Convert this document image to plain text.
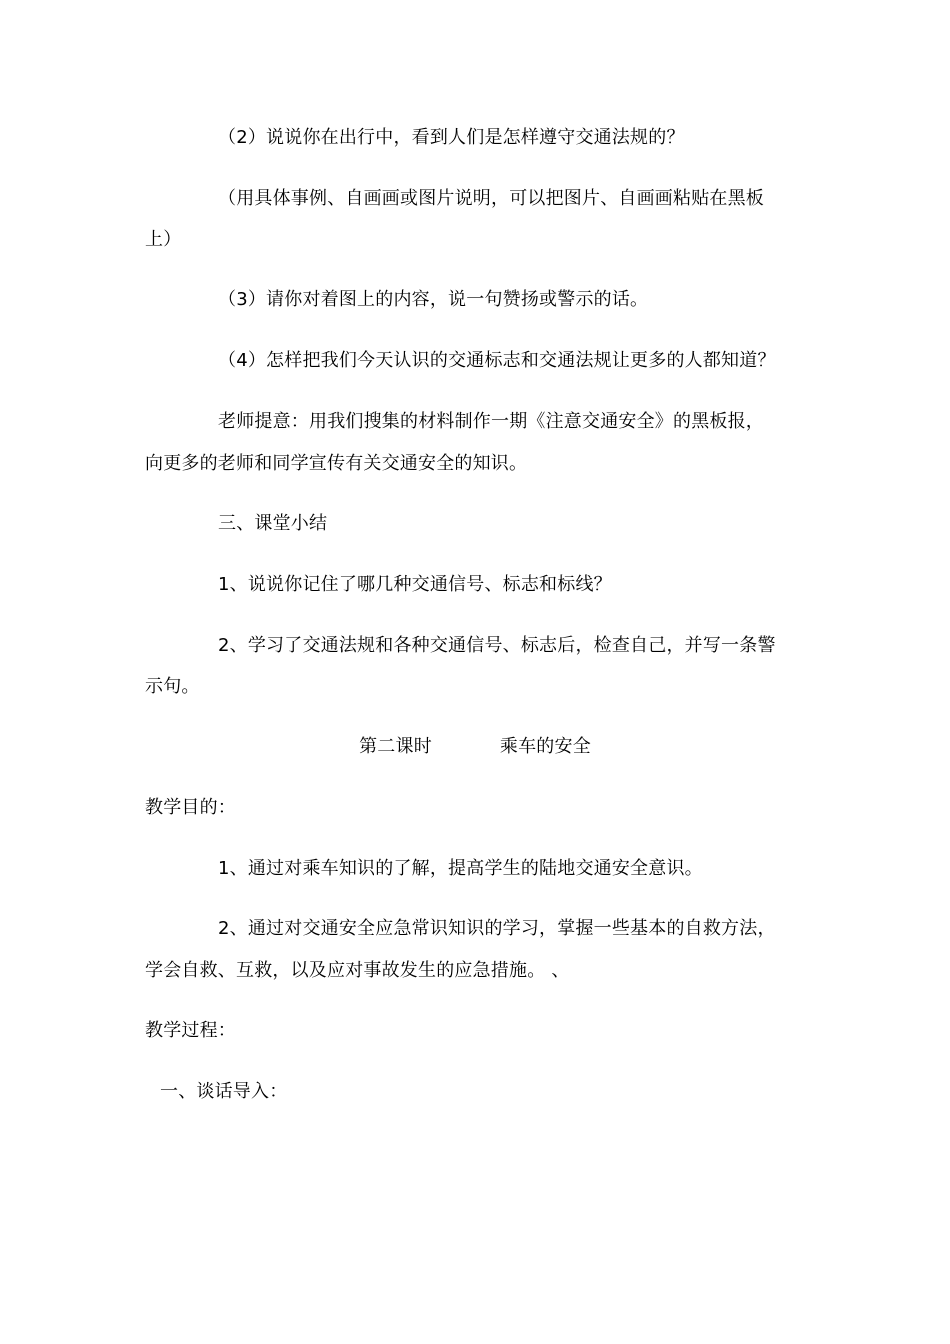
（2）说说你在出行中，看到人们是怎样遵守交通法规的？
（用具体事例、自画画或图片说明，可以把图片、自画画粘贴在黑板
上）
（3）请你对着图上的内容，说一句赞扬或警示的话。
（4）怎样把我们今天认识的交通标志和交通法规让更多的人都知道？
老师提意：用我们搜集的材料制作一期《注意交通安全》的黑板报，
向更多的老师和同学宣传有关交通安全的知识。
三、课堂小结
1、说说你记住了哪几种交通信号、标志和标线？
2、学习了交通法规和各种交通信号、标志后，检查自己，并写一条警
示句。
第二课时	乘车的安全
教学目的：
1、通过对乘车知识的了解，提高学生的陆地交通安全意识。
2、通过对交通安全应急常识知识的学习，掌握一些基本的自救方法，
学会自救、互救，以及应对事故发生的应急措施。 、
教学过程：
一、谈话导入：
